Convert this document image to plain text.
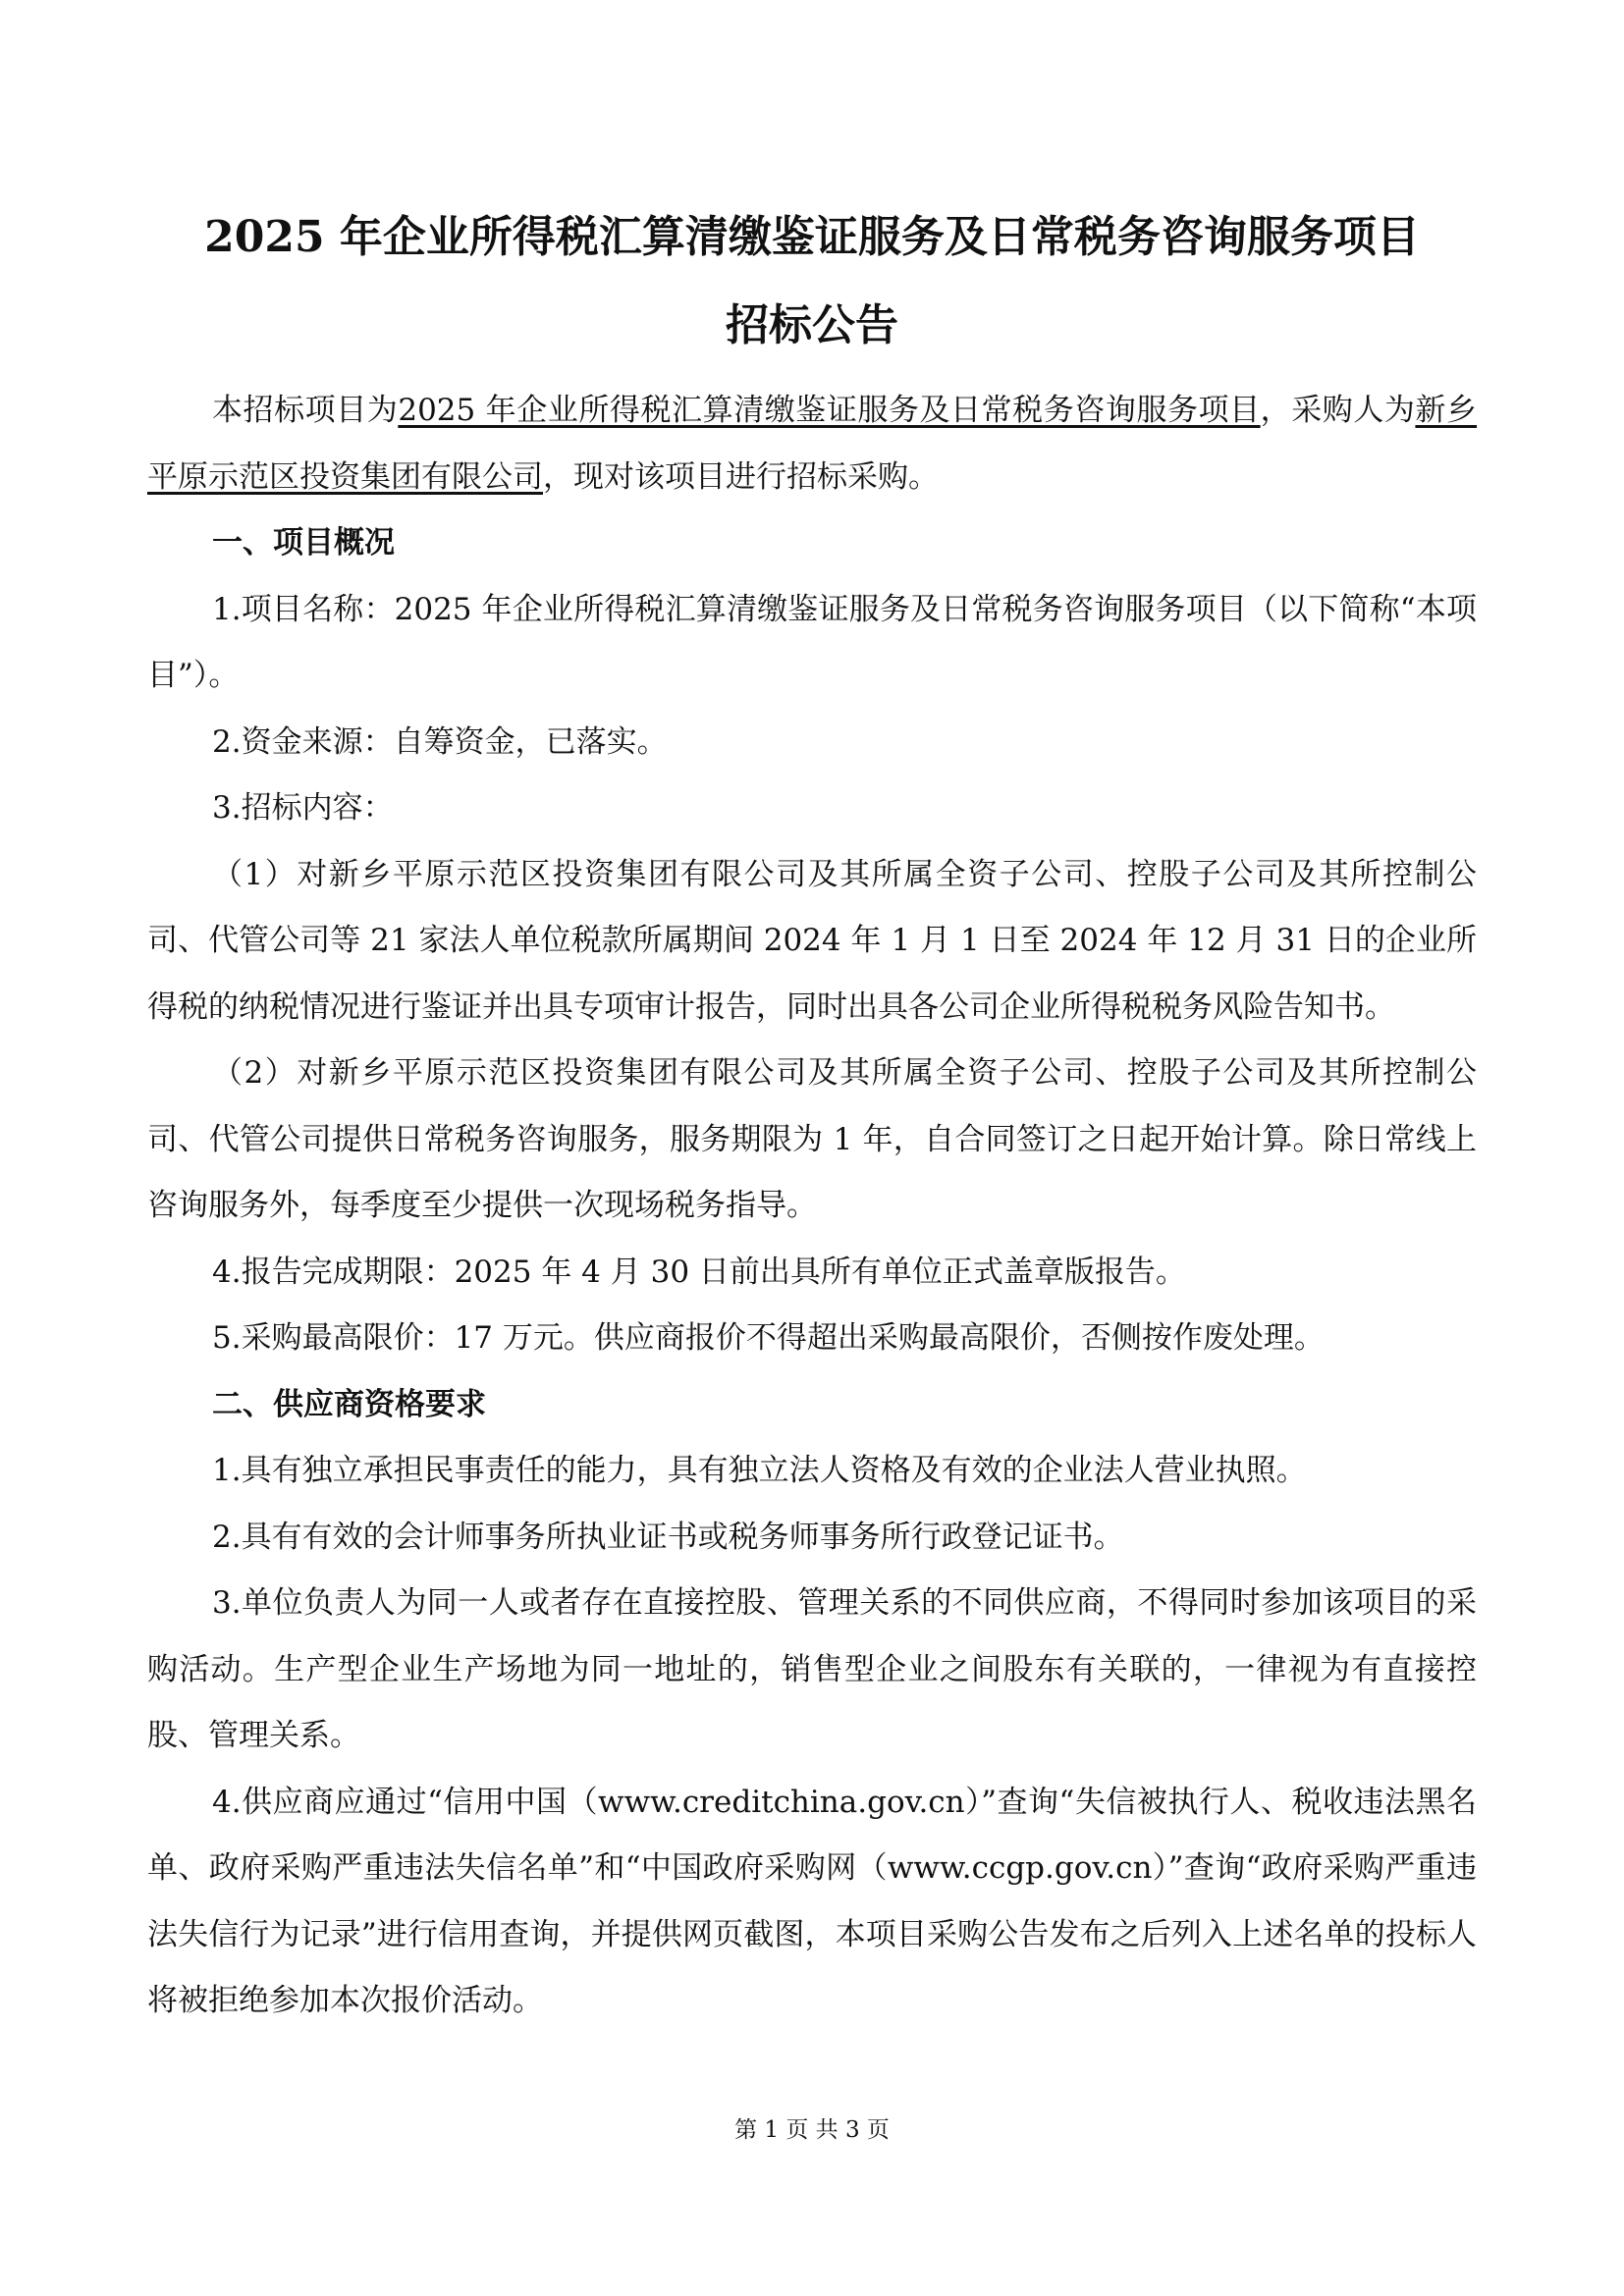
2025 年企业所得税汇算清缴鉴证服务及日常税务咨询服务项目
招标公告

本招标项目为2025 年企业所得税汇算清缴鉴证服务及日常税务咨询服务项目，采购人为新乡平原示范区投资集团有限公司，现对该项目进行招标采购。

一、项目概况

1.项目名称：2025 年企业所得税汇算清缴鉴证服务及日常税务咨询服务项目（以下简称“本项目”）。

2.资金来源：自筹资金，已落实。

3.招标内容：

（1）对新乡平原示范区投资集团有限公司及其所属全资子公司、控股子公司及其所控制公司、代管公司等 21 家法人单位税款所属期间 2024 年 1 月 1 日至 2024 年 12 月 31 日的企业所得税的纳税情况进行鉴证并出具专项审计报告，同时出具各公司企业所得税税务风险告知书。

（2）对新乡平原示范区投资集团有限公司及其所属全资子公司、控股子公司及其所控制公司、代管公司提供日常税务咨询服务，服务期限为 1 年，自合同签订之日起开始计算。除日常线上咨询服务外，每季度至少提供一次现场税务指导。

4.报告完成期限：2025 年 4 月 30 日前出具所有单位正式盖章版报告。

5.采购最高限价：17 万元。供应商报价不得超出采购最高限价，否侧按作废处理。

二、供应商资格要求

1.具有独立承担民事责任的能力，具有独立法人资格及有效的企业法人营业执照。

2.具有有效的会计师事务所执业证书或税务师事务所行政登记证书。

3.单位负责人为同一人或者存在直接控股、管理关系的不同供应商，不得同时参加该项目的采购活动。生产型企业生产场地为同一地址的，销售型企业之间股东有关联的，一律视为有直接控股、管理关系。

4.供应商应通过“信用中国（www.creditchina.gov.cn）”查询“失信被执行人、税收违法黑名单、政府采购严重违法失信名单”和“中国政府采购网（www.ccgp.gov.cn）”查询“政府采购严重违法失信行为记录”进行信用查询，并提供网页截图，本项目采购公告发布之后列入上述名单的投标人将被拒绝参加本次报价活动。

第 1 页 共 3 页
